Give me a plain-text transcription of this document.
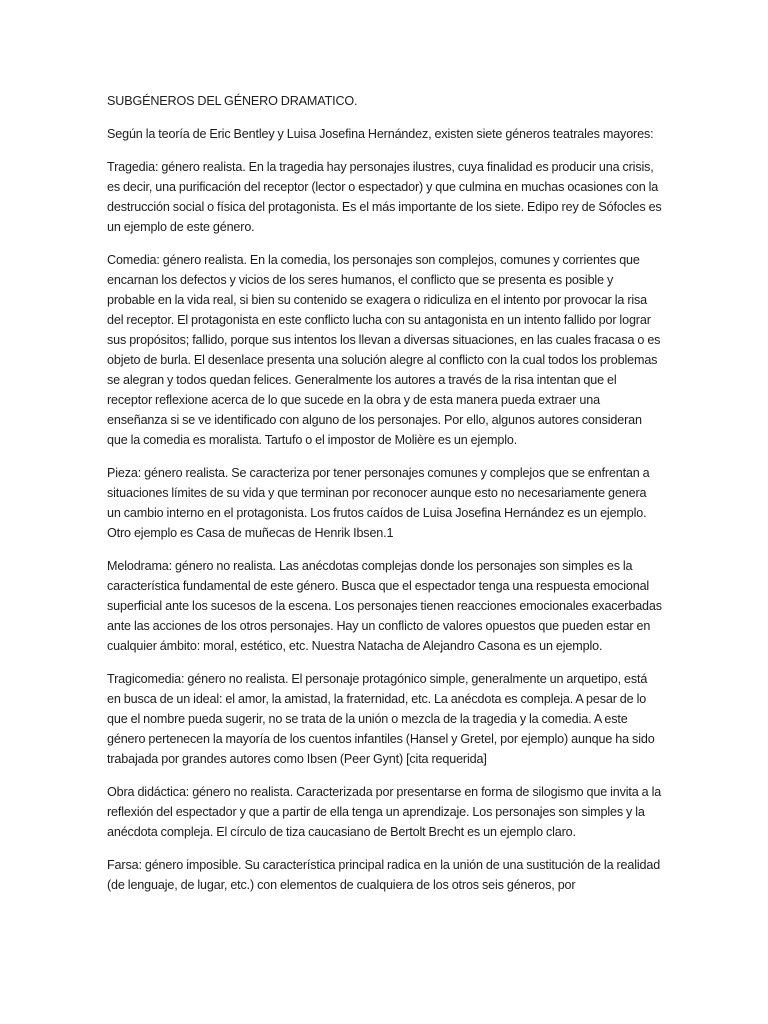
SUBGÉNEROS DEL GÉNERO DRAMATICO.

Según la teoría de Eric Bentley y Luisa Josefina Hernández, existen siete géneros teatrales mayores:

Tragedia: género realista. En la tragedia hay personajes ilustres, cuya finalidad es producir una crisis, es decir, una purificación del receptor (lector o espectador) y que culmina en muchas ocasiones con la destrucción social o física del protagonista. Es el más importante de los siete. Edipo rey de Sófocles es un ejemplo de este género.

Comedia: género realista. En la comedia, los personajes son complejos, comunes y corrientes que encarnan los defectos y vicios de los seres humanos, el conflicto que se presenta es posible y probable en la vida real, si bien su contenido se exagera o ridiculiza en el intento por provocar la risa del receptor. El protagonista en este conflicto lucha con su antagonista en un intento fallido por lograr sus propósitos; fallido, porque sus intentos los llevan a diversas situaciones, en las cuales fracasa o es objeto de burla. El desenlace presenta una solución alegre al conflicto con la cual todos los problemas se alegran y todos quedan felices. Generalmente los autores a través de la risa intentan que el receptor reflexione acerca de lo que sucede en la obra y de esta manera pueda extraer una enseñanza si se ve identificado con alguno de los personajes. Por ello, algunos autores consideran que la comedia es moralista. Tartufo o el impostor de Molière es un ejemplo.

Pieza: género realista. Se caracteriza por tener personajes comunes y complejos que se enfrentan a situaciones límites de su vida y que terminan por reconocer aunque esto no necesariamente genera un cambio interno en el protagonista. Los frutos caídos de Luisa Josefina Hernández es un ejemplo. Otro ejemplo es Casa de muñecas de Henrik Ibsen.1

Melodrama: género no realista. Las anécdotas complejas donde los personajes son simples es la característica fundamental de este género. Busca que el espectador tenga una respuesta emocional superficial ante los sucesos de la escena. Los personajes tienen reacciones emocionales exacerbadas ante las acciones de los otros personajes. Hay un conflicto de valores opuestos que pueden estar en cualquier ámbito: moral, estético, etc. Nuestra Natacha de Alejandro Casona es un ejemplo.

Tragicomedia: género no realista. El personaje protagónico simple, generalmente un arquetipo, está en busca de un ideal: el amor, la amistad, la fraternidad, etc. La anécdota es compleja. A pesar de lo que el nombre pueda sugerir, no se trata de la unión o mezcla de la tragedia y la comedia. A este género pertenecen la mayoría de los cuentos infantiles (Hansel y Gretel, por ejemplo) aunque ha sido trabajada por grandes autores como Ibsen (Peer Gynt) [cita requerida]

Obra didáctica: género no realista. Caracterizada por presentarse en forma de silogismo que invita a la reflexión del espectador y que a partir de ella tenga un aprendizaje. Los personajes son simples y la anécdota compleja. El círculo de tiza caucasiano de Bertolt Brecht es un ejemplo claro.

Farsa: género imposible. Su característica principal radica en la unión de una sustitución de la realidad (de lenguaje, de lugar, etc.) con elementos de cualquiera de los otros seis géneros, por
